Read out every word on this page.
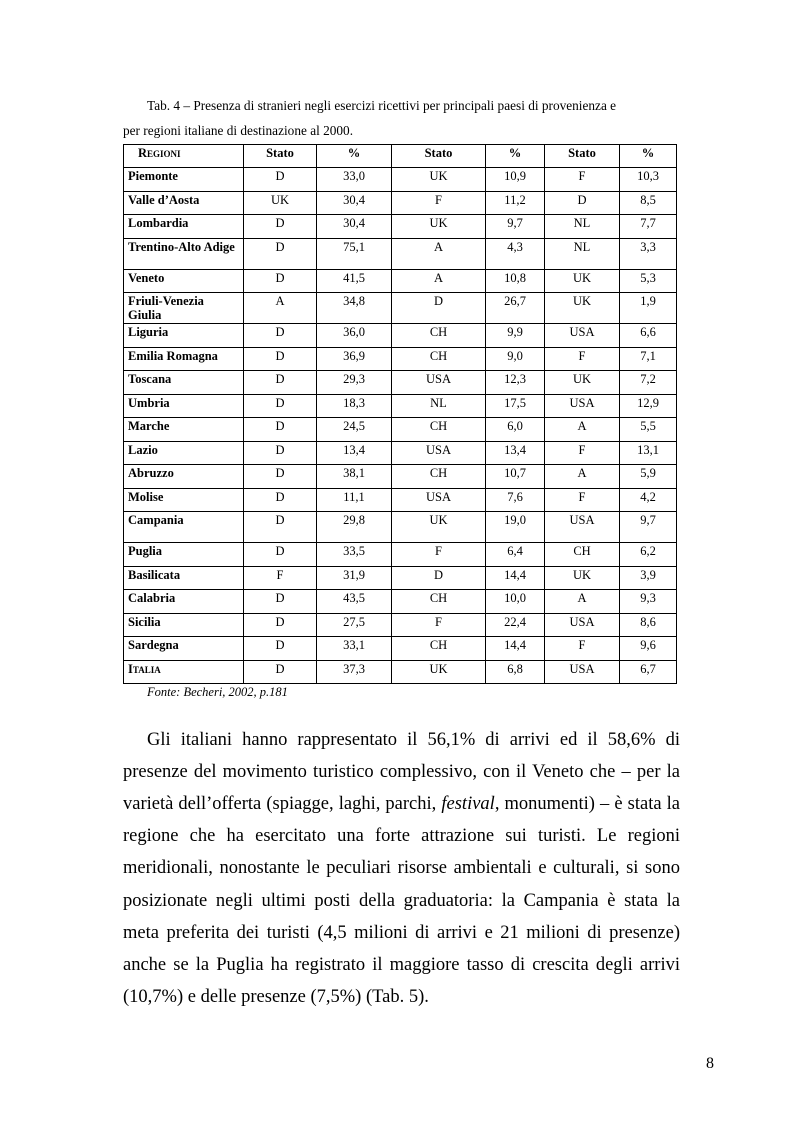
Tab. 4 – Presenza di stranieri negli esercizi ricettivi per principali paesi di provenienza e
per regioni italiane di destinazione al 2000.
Regioni	Stato	%	Stato	%	Stato	%
Piemonte	D	33,0	UK	10,9	F	10,3
Valle d’Aosta	UK	30,4	F	11,2	D	8,5
Lombardia	D	30,4	UK	9,7	NL	7,7
Trentino-Alto Adige	D	75,1	A	4,3	NL	3,3
Veneto	D	41,5	A	10,8	UK	5,3
Friuli-Venezia Giulia	A	34,8	D	26,7	UK	1,9
Liguria	D	36,0	CH	9,9	USA	6,6
Emilia Romagna	D	36,9	CH	9,0	F	7,1
Toscana	D	29,3	USA	12,3	UK	7,2
Umbria	D	18,3	NL	17,5	USA	12,9
Marche	D	24,5	CH	6,0	A	5,5
Lazio	D	13,4	USA	13,4	F	13,1
Abruzzo	D	38,1	CH	10,7	A	5,9
Molise	D	11,1	USA	7,6	F	4,2
Campania	D	29,8	UK	19,0	USA	9,7
Puglia	D	33,5	F	6,4	CH	6,2
Basilicata	F	31,9	D	14,4	UK	3,9
Calabria	D	43,5	CH	10,0	A	9,3
Sicilia	D	27,5	F	22,4	USA	8,6
Sardegna	D	33,1	CH	14,4	F	9,6
Italia	D	37,3	UK	6,8	USA	6,7
Fonte: Becheri, 2002, p.181

Gli italiani hanno rappresentato il 56,1% di arrivi ed il 58,6% di presenze del movimento turistico complessivo, con il Veneto che – per la varietà dell’offerta (spiagge, laghi, parchi, festival, monumenti) – è stata la regione che ha esercitato una forte attrazione sui turisti. Le regioni meridionali, nonostante le peculiari risorse ambientali e culturali, si sono posizionate negli ultimi posti della graduatoria: la Campania è stata la meta preferita dei turisti (4,5 milioni di arrivi e 21 milioni di presenze) anche se la Puglia ha registrato il maggiore tasso di crescita degli arrivi (10,7%) e delle presenze (7,5%) (Tab. 5).

8
